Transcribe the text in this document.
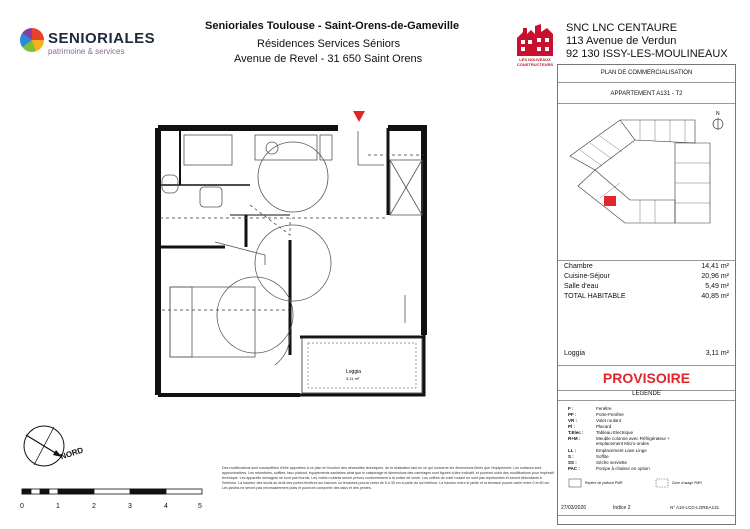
SENIORIALES
patrimoine & services
Senioriales Toulouse - Saint-Orens-de-Gameville
Résidences Services Séniors
Avenue de Revel - 31 650 Saint Orens	LES NOUVEAUX CONSTRUCTEURS
SNC LNC CENTAURE
113 Avenue de Verdun
92 130 ISSY-LES-MOULINEAUX
Loggia
3,11 m²
NORD
0	1	2	3	4	5
Des modifications sont susceptibles d'être apportées à ce plan en fonction des nécessités techniques, de la réalisation tant en ce qui concerne les dimensions libres que l'équipement. Les surfaces sont approximatives. Les retombées, soffites, faux plafond, équipements sanitaires ainsi que le calepinage et dimensions des carrelages sont figurés à titre indicatif, et pourront subir des modifications pour impératif technique. Les appareils ménagers ne sont pas fournis. Les volets roulants seront prévus conformément à la notice de vente. Les coffres de volet roulant ne sont pas représentés et seront débordants à l'intérieur. La hauteur des seuils au droit des portes-fenêtres sur balcons ou terrasses pourra varier de 5 à 35 cm à partir du sol intérieur. La hauteur entre le jardin et la terrasse pourra varier entre 0 et 60 cm. Les jardins ne seront pas nécessairement plats et pourront comporter des talus et des pentes.
PLAN DE COMMERCIALISATION
APPARTEMENT A131 - T2
N
Chambre	14,41 m²
Cuisine-Séjour	20,96 m²
Salle d'eau	5,49 m²
TOTAL HABITABLE	40,85 m²
Loggia	3,11 m²
PROVISOIRE
LEGENDE
F :	Fenêtre
PF :	Porte-Fenêtre
VR :	Volet roulant
Pl :	Placard
T.Elec :	Tableau Electrique
R+M :	Meuble colonne avec Réfrigérateur + emplacement Micro-ondes
LL :	Emplacement Lave Linge
S :	Soffite
SS :	Sèche serviette
PAC :	Pompe à chaleur en option
Repère de plafond PMR	Zone d'usage PMR
27/03/2026	Indice 2	N° A10-LCG-LOREA131
